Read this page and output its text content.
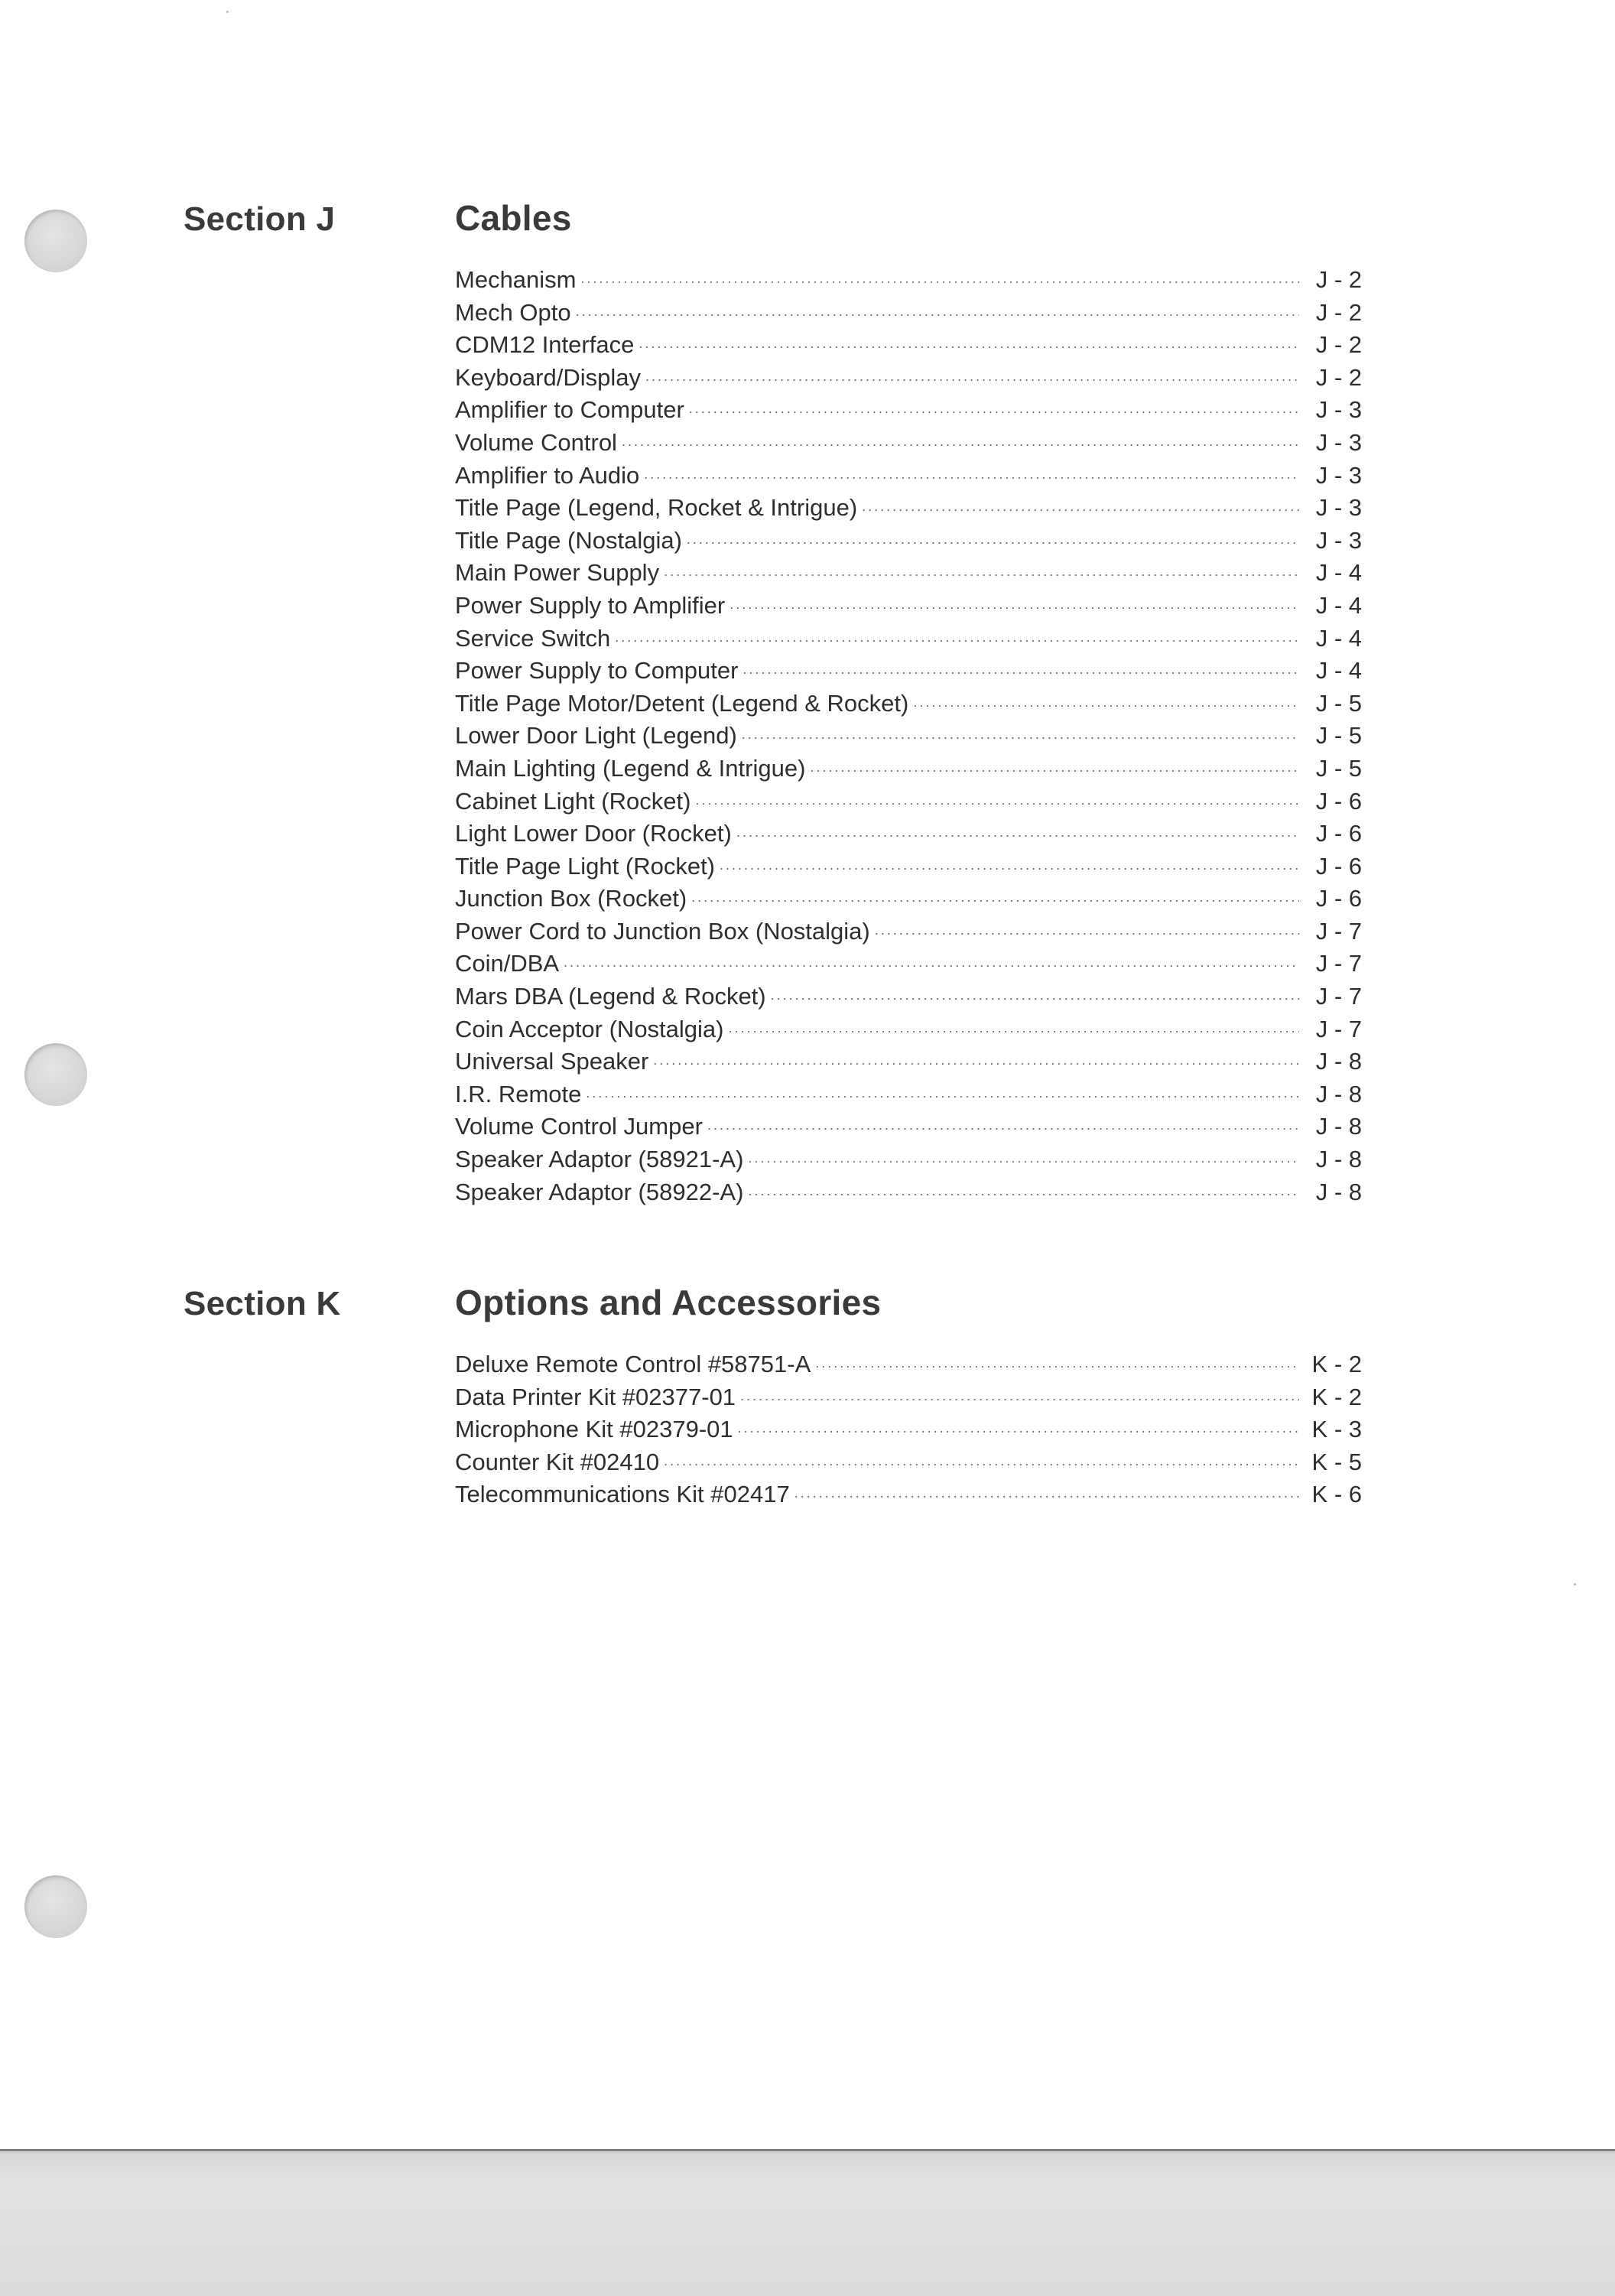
Section J	Cables
Mechanism . . .	J - 2
Mech Opto . . .	J - 2
CDM12 Interface . . .	J - 2
Keyboard/Display . . .	J - 2
Amplifier to Computer . . .	J - 3
Volume Control . . .	J - 3
Amplifier to Audio . . .	J - 3
Title Page (Legend, Rocket & Intrigue) . . .	J - 3
Title Page (Nostalgia) . . .	J - 3
Main Power Supply . . .	J - 4
Power Supply to Amplifier . . .	J - 4
Service Switch . . .	J - 4
Power Supply to Computer . . .	J - 4
Title Page Motor/Detent (Legend & Rocket) . . .	J - 5
Lower Door Light (Legend) . . .	J - 5
Main Lighting (Legend & Intrigue) . . .	J - 5
Cabinet Light (Rocket) . . .	J - 6
Light Lower Door (Rocket) . . .	J - 6
Title Page Light (Rocket) . . .	J - 6
Junction Box (Rocket) . . .	J - 6
Power Cord to Junction Box (Nostalgia) . . .	J - 7
Coin/DBA . . .	J - 7
Mars DBA (Legend & Rocket) . . .	J - 7
Coin Acceptor (Nostalgia) . . .	J - 7
Universal Speaker . . .	J - 8
I.R. Remote . . .	J - 8
Volume Control Jumper . . .	J - 8
Speaker Adaptor (58921-A) . . .	J - 8
Speaker Adaptor (58922-A) . . .	J - 8
Section K	Options and Accessories
Deluxe Remote Control #58751-A . . .	K - 2
Data Printer Kit #02377-01 . . .	K - 2
Microphone Kit #02379-01 . . .	K - 3
Counter Kit #02410 . . .	K - 5
Telecommunications Kit #02417 . . .	K - 6
